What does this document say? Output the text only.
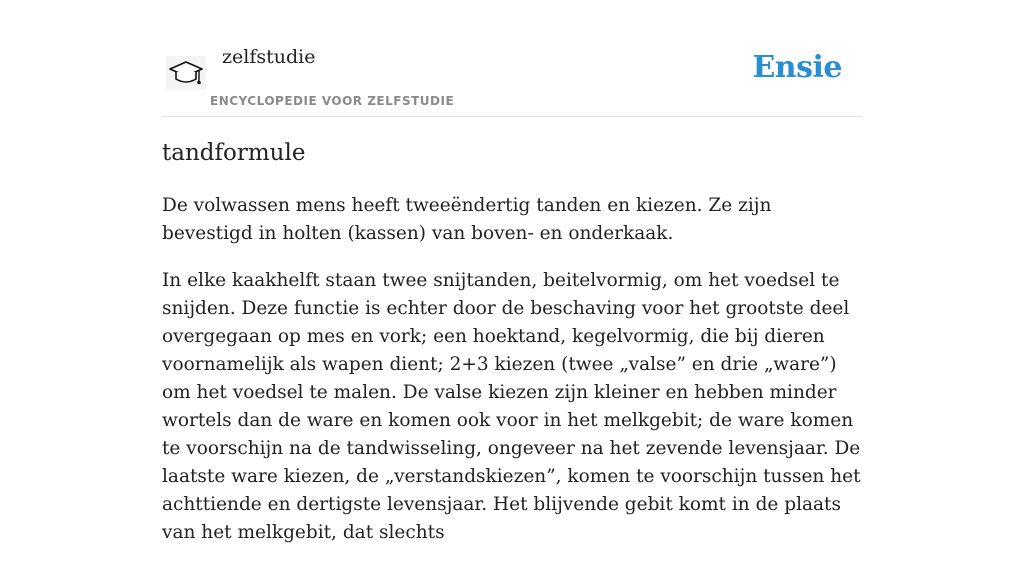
zelfstudie
ENCYCLOPEDIE VOOR ZELFSTUDIE
Ensie
tandformule

De volwassen mens heeft tweeëndertig tanden en kiezen. Ze zijn bevestigd in holten (kassen) van boven- en onderkaak.

In elke kaakhelft staan twee snijtanden, beitelvormig, om het voedsel te snijden. Deze functie is echter door de beschaving voor het grootste deel overgegaan op mes en vork; een hoektand, kegelvormig, die bij dieren voornamelijk als wapen dient; 2+3 kiezen (twee „valse” en drie „ware”) om het voedsel te malen. De valse kiezen zijn kleiner en hebben minder wortels dan de ware en komen ook voor in het melkgebit; de ware komen te voorschijn na de tandwisseling, ongeveer na het zevende levensjaar. De laatste ware kiezen, de „verstandskiezen”, komen te voorschijn tussen het achttiende en dertigste levensjaar. Het blijvende gebit komt in de plaats van het melkgebit, dat slechts
